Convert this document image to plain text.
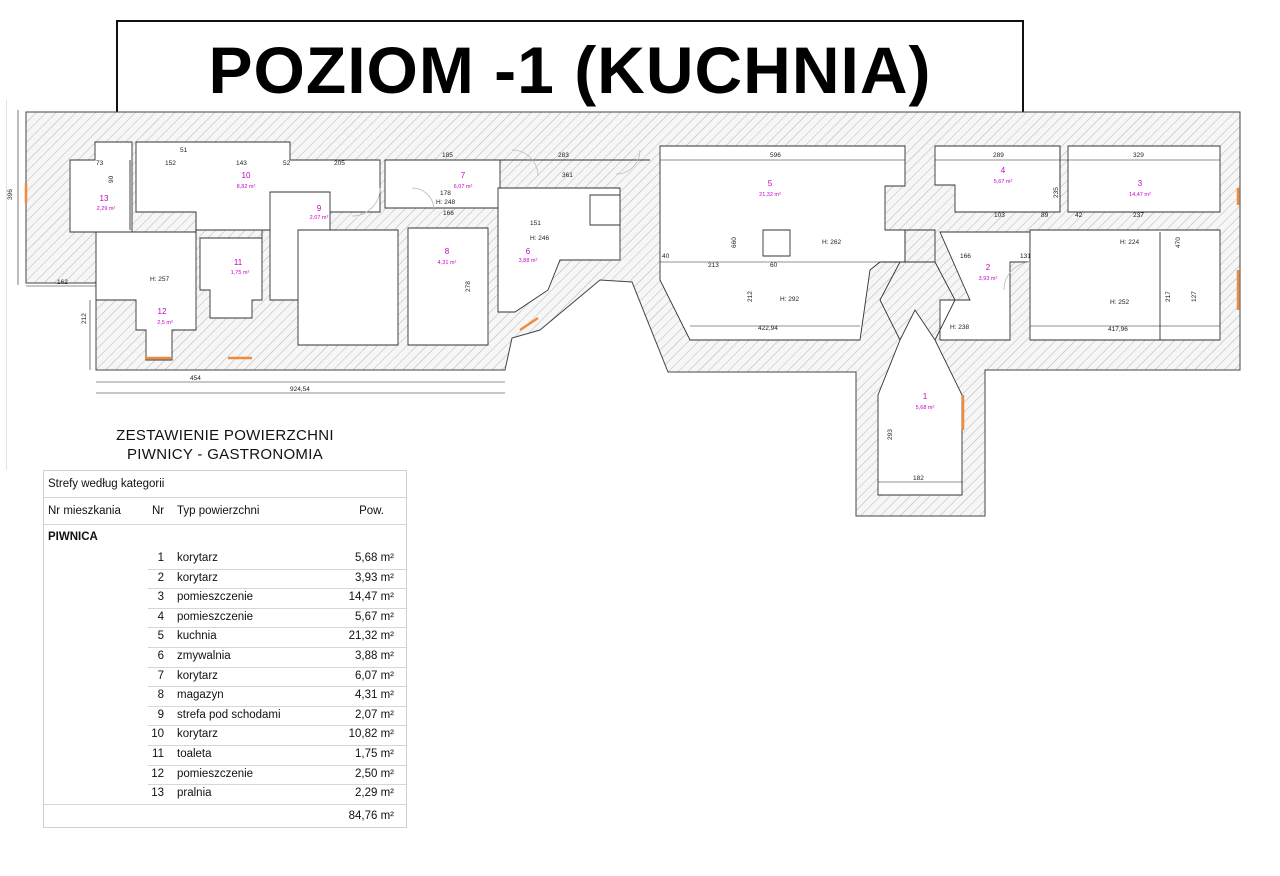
POZIOM -1 (KUCHNIA)
396
162
212
454
924,54
152	143	205
185	283	596	289	329
361
237
103
213	60
422,94	417,96
182
293
278
660	470
212	217	127
235
151
178
166
166	131
40
90
52
51
73
89	42
H: 257
H: 248
H: 246
H: 262
H: 292
H: 238
H: 224
H: 252
1
5,68 m²
2
3,93 m²
3
14,47 m²
4
5,67 m²
5
21,32 m²
6
3,88 m²
7
6,07 m²
8
4,31 m²
9
2,07 m²
10
8,82 m²
11
1,75 m²
12
2,5 m²
13
2,29 m²
ZESTAWIENIE POWIERZCHNI
PIWNICY - GASTRONOMIA
Strefy według kategorii
Nr mieszkania	Nr	Typ powierzchni	Pow.
PIWNICA
1 korytarz	5,68 m²
2 korytarz	3,93 m²
3 pomieszczenie	14,47 m²
4 pomieszczenie	5,67 m²
5 kuchnia	21,32 m²
6 zmywalnia	3,88 m²
7 korytarz	6,07 m²
8 magazyn	4,31 m²
9 strefa pod schodami	2,07 m²
10 korytarz	10,82 m²
11 toaleta	1,75 m²
12 pomieszczenie	2,50 m²
13 pralnia	2,29 m²
84,76 m²
